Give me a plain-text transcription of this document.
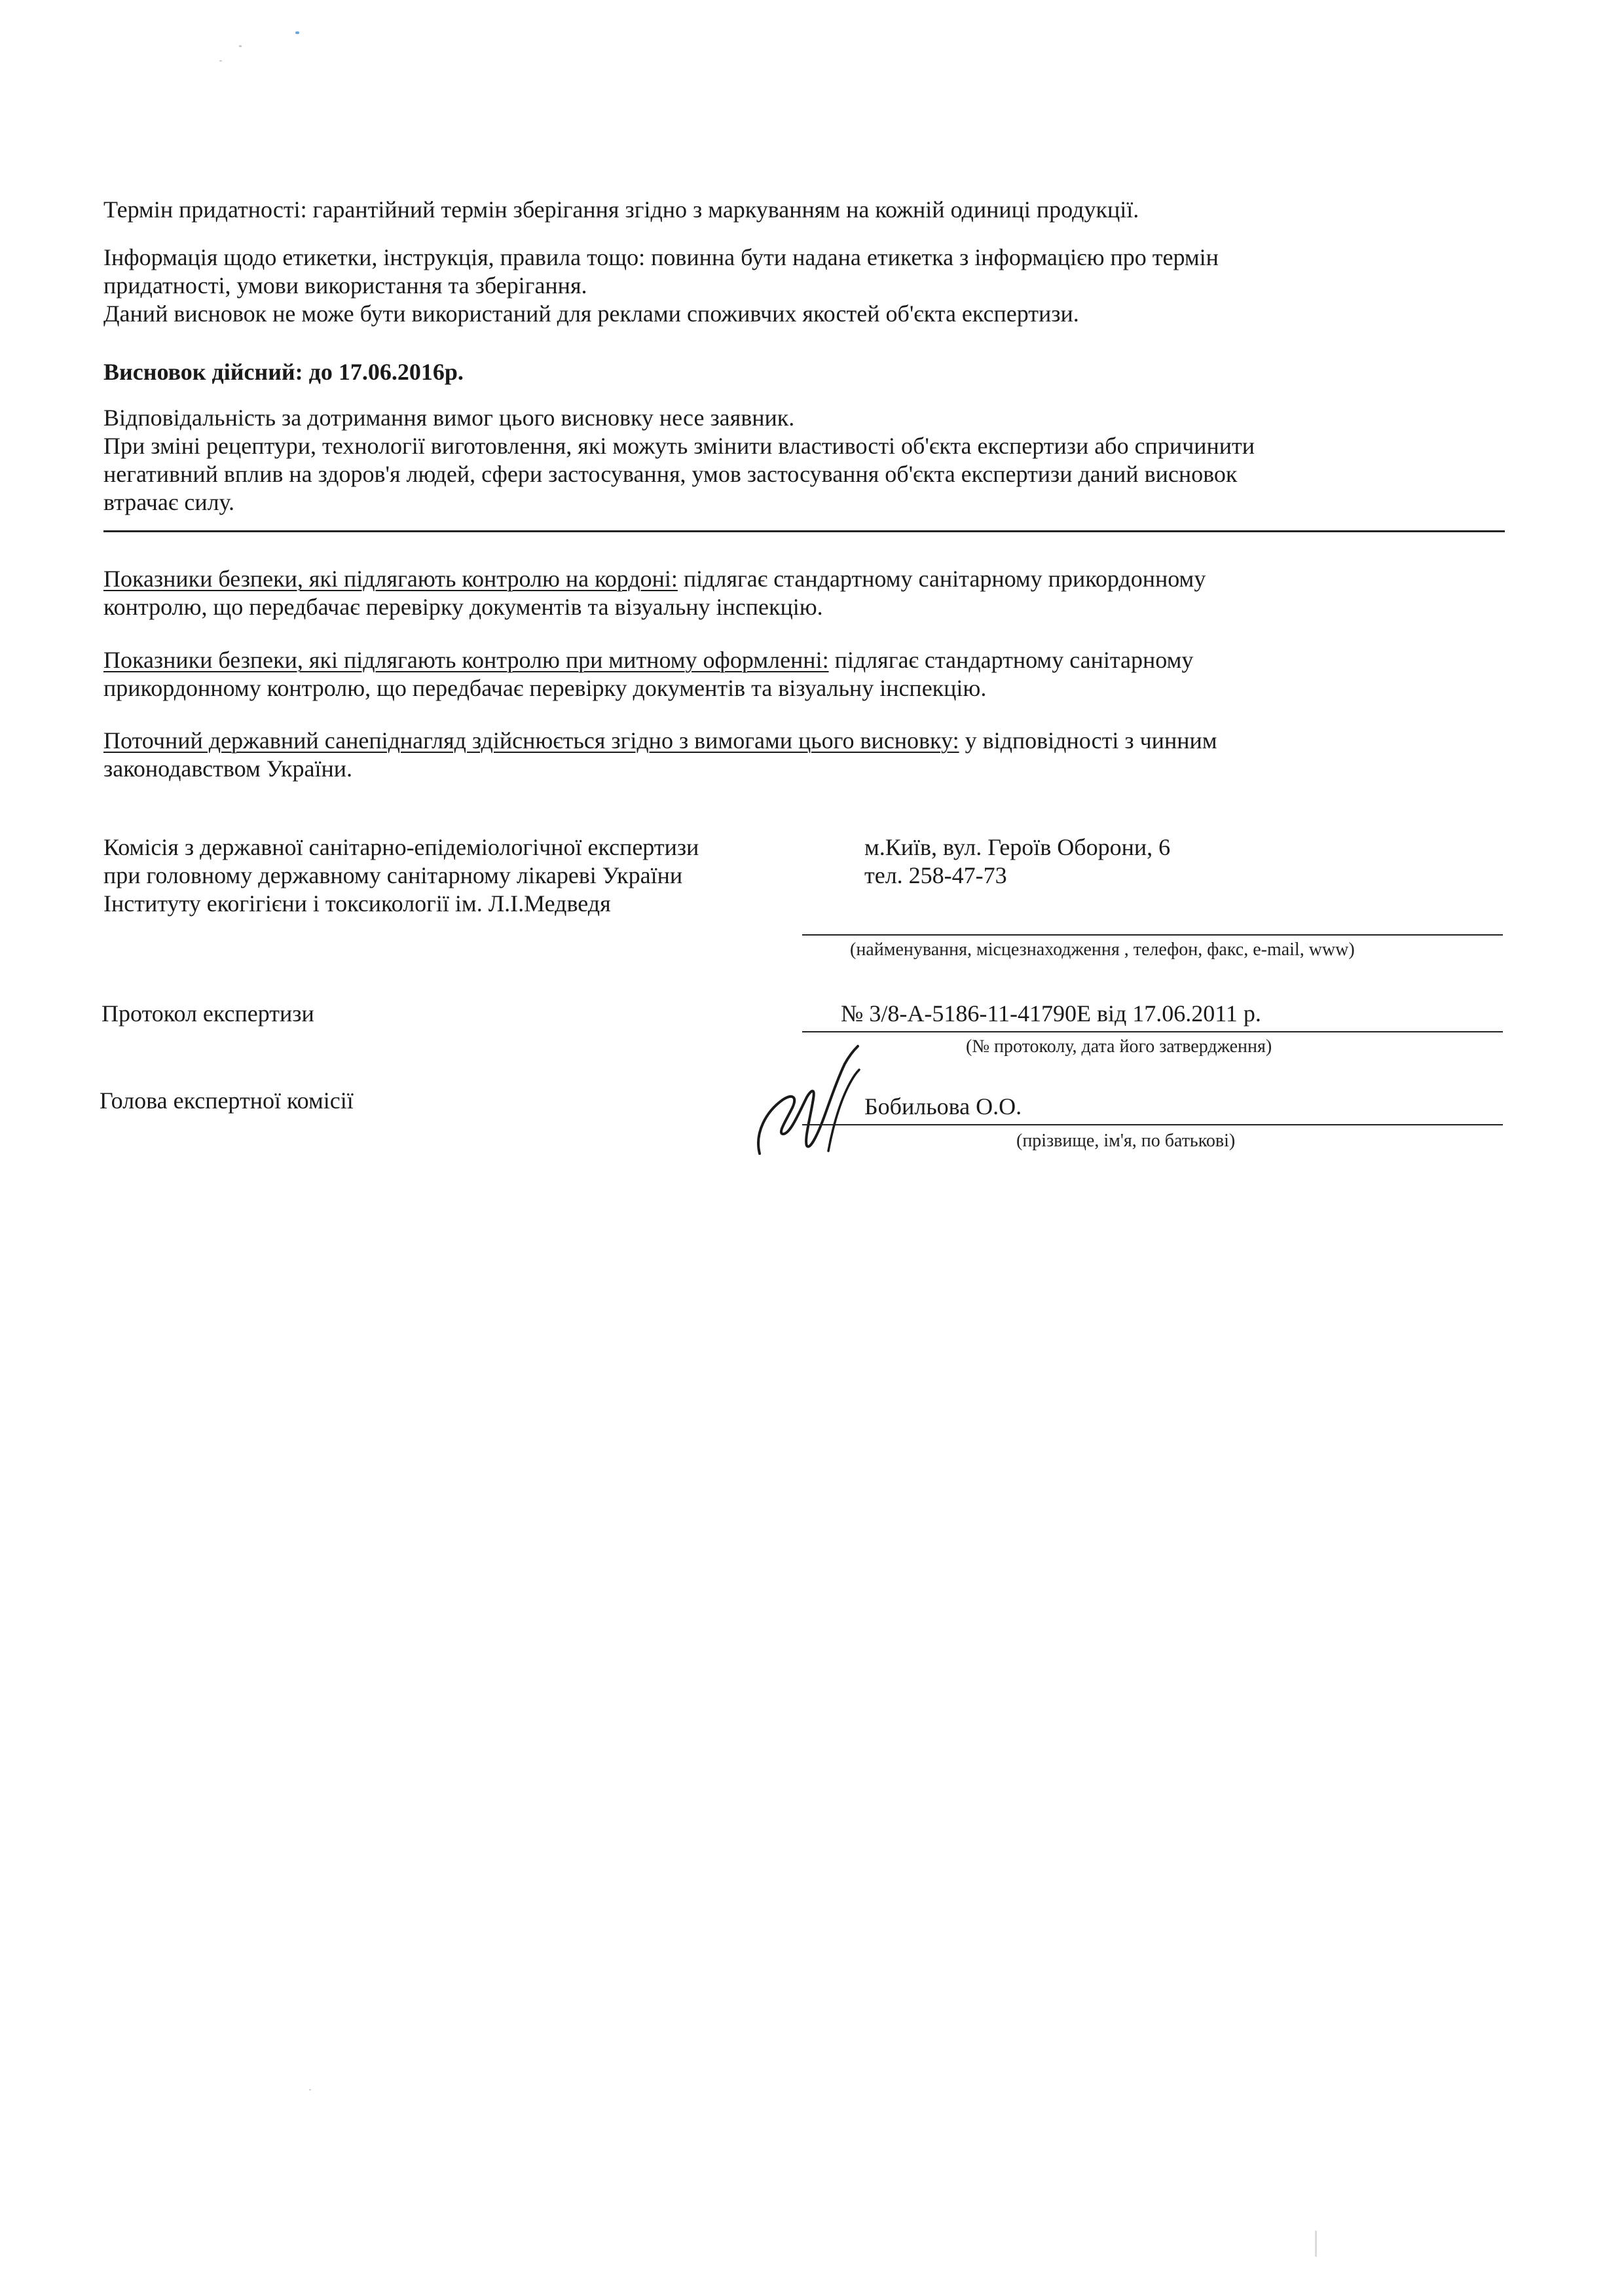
Термін придатності: гарантійний термін зберігання згідно з маркуванням на кожній одиниці продукції.
Інформація щодо етикетки, інструкція, правила тощо: повинна бути надана етикетка з інформацією про термін
придатності, умови використання та зберігання.
Даний висновок не може бути використаний для реклами споживчих якостей об'єкта експертизи.
Висновок дійсний: до 17.06.2016р.
Відповідальність за дотримання вимог цього висновку несе заявник.
При зміні рецептури, технології виготовлення, які можуть змінити властивості об'єкта експертизи або спричинити
негативний вплив на здоров'я людей, сфери застосування, умов застосування об'єкта експертизи даний висновок
втрачає силу.
Показники безпеки, які підлягають контролю на кордоні: підлягає стандартному санітарному прикордонному
контролю, що передбачає перевірку документів та візуальну інспекцію.
Показники безпеки, які підлягають контролю при митному оформленні: підлягає стандартному санітарному
прикордонному контролю, що передбачає перевірку документів та візуальну інспекцію.
Поточний державний санепіднагляд здійснюється згідно з вимогами цього висновку: у відповідності з чинним
законодавством України.
Комісія з державної санітарно-епідеміологічної експертизи
при головному державному санітарному лікареві України
Інституту екогігієни і токсикології ім. Л.І.Медведя
м.Київ, вул. Героїв Оборони, 6
тел. 258-47-73
(найменування, місцезнаходження , телефон, факс, e-mail, www)
Протокол експертизи	№ 3/8-А-5186-11-41790Е від 17.06.2011 р.
(№ протоколу, дата його затвердження)
Голова експертної комісії	Бобильова О.О.
(прізвище, ім'я, по батькові)
